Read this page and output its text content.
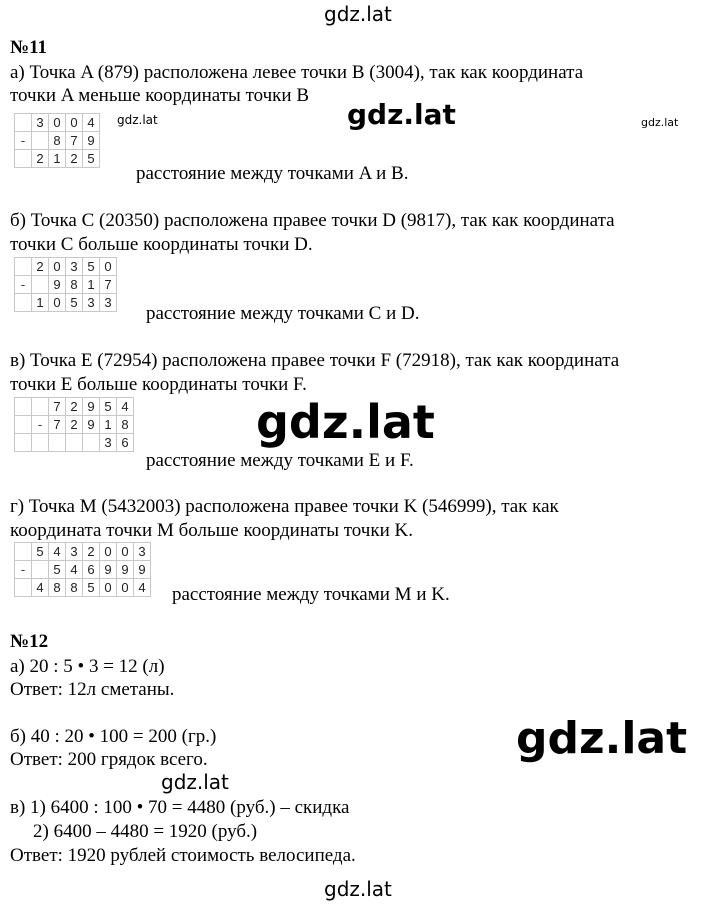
gdz.lat
gdz.lat
gdz.lat	gdz.lat
gdz.lat
gdz.lat
gdz.lat
gdz.lat
№11
а) Точка A (879) расположена левее точки B (3004), так как координата
точки A меньше координаты точки B
	3	0	0	4
-		8	7	9
	2	1	2	5
расстояние между точками A и B.
б) Точка C (20350) расположена правее точки D (9817), так как координата
точки C больше координаты точки D.
	2	0	3	5	0
-		9	8	1	7
	1	0	5	3	3
расстояние между точками C и D.
в) Точка E (72954) расположена правее точки F (72918), так как координата
точки E больше координаты точки F.
		7	2	9	5	4
	-	7	2	9	1	8
					3	6
расстояние между точками E и F.
г) Точка M (5432003) расположена правее точки K (546999), так как
координата точки M больше координаты точки K.
	5	4	3	2	0	0	3
-		5	4	6	9	9	9
	4	8	8	5	0	0	4 расстояние между точками M и K.
№12
а) 20 : 5 • 3 = 12 (л)
Ответ: 12л сметаны.
б) 40 : 20 • 100 = 200 (гр.)
Ответ: 200 грядок всего.
в) 1) 6400 : 100 • 70 = 4480 (руб.) – скидка
2) 6400 – 4480 = 1920 (руб.)
Ответ: 1920 рублей стоимость велосипеда.
